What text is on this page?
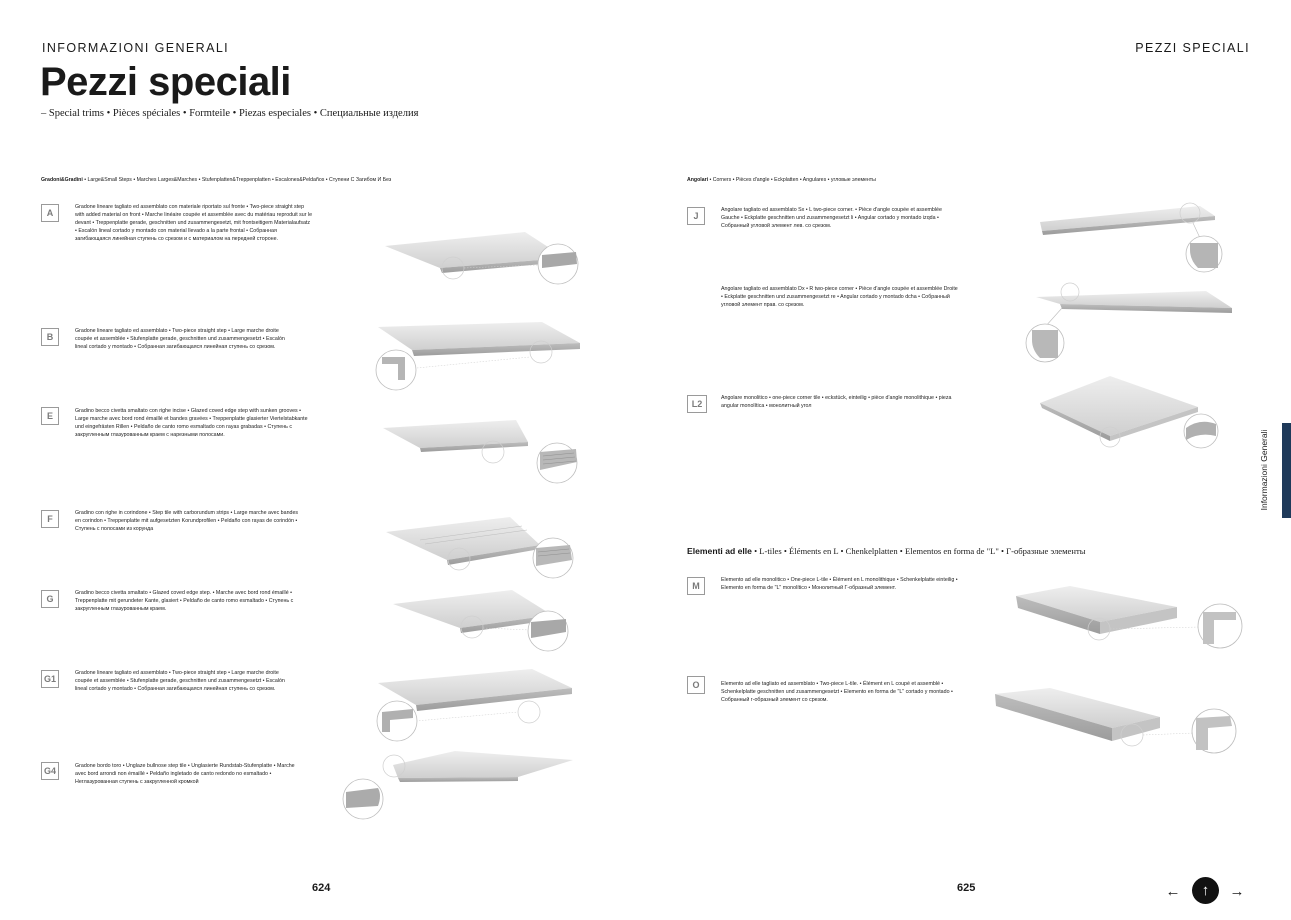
INFORMAZIONI GENERALI	PEZZI SPECIALI
Pezzi speciali
– Special trims • Pièces spéciales • Formteile • Piezas especiales • Специальные изделия
Gradoni&Gradini • Large&Small Steps • Marches Larges&Marches • Stufenplatten&Treppenplatten • Escalones&Peldaños • Ступени С Загибом И Без
A
Gradone lineare tagliato ed assemblato con materiale riportato sul fronte • Two-piece straight step with added material on front • Marche linéaire coupée et assemblée avec du matériau reproduit sur le devant • Treppenplatte gerade, geschnitten und zusammengesetzt, mit frontseitigem Materialaufsatz • Escalón lineal cortado y montado con material llevado a la parte frontal • Собранная загибающаяся линейная ступень со срезом и с материалом на передней стороне.
B
Gradone lineare tagliato ed assemblato • Two-piece straight step • Large marche droite coupée et assemblée • Stufenplatte gerade, geschnitten und zusammengesetzt • Escalón lineal cortado y montado • Собранная загибающаяся линейная ступень со срезом.
E	Gradino becco civetta smaltato con righe incise • Glazed coved edge step with sunken grooves • Large marche avec bord rond émaillé et bandes gravées • Treppenplatte glasierter Viertelstabkante und eingefrästen Rillen • Peldaño de canto romo esmaltado con rayas grabadas • Ступень с закругленным глазурованным краем с нарезными полосами.
F
Gradino con righe in corindone • Step tile with carborundum strips • Large marche avec bandes en corindon • Treppenplatte mit aufgesetzten Korundprofilen • Peldaño con rayas de corindón • Ступень с полосами из корунда
G
Gradino becco civetta smaltato • Glazed coved edge step. • Marche avec bord rond émaillé • Treppenplatte mit gerundeter Kante, glasiert • Peldaño de canto romo esmaltado • Ступень с закругленным глазурованным краем.
G1
Gradone lineare tagliato ed assemblato • Two-piece straight step • Large marche droite coupée et assemblée • Stufenplatte gerade, geschnitten und zusammengesetzt • Escalón lineal cortado y montado • Собранная загибающаяся линейная ступень со срезом.
G4	Gradone bordo toro • Unglaze bullnose step tile • Unglasierte Rundstab-Stufenplatte • Marche avec bord arrondi non émaillé • Peldaño ingletado de canto redondo no esmaltado • Неглазурованная ступень с закругленной кромкой
Angolari • Corners • Pièces d'angle • Eckplatten • Angulares • угловые элементы
J
Angolare tagliato ed assemblato Sx • L two-piece corner. • Pièce d'angle coupée et assemblée Gauche • Eckplatte geschnitten und zusammengesetzt li • Angular cortado y montado izqda • Собранный угловой элемент лев. со срезом.
Angolare tagliato ed assemblato Dx • R two-piece corner • Pièce d'angle coupée et assemblée Droite • Eckplatte geschnitten und zusammengesetzt re • Angular cortado y montado dcha • Собранный угловой элемент прав. со срезом.
L2
Angolare monolitico • one-piece corner tile • eckstück, einteilig • pièce d'angle monolithique • pieza angular monolítica • монолитный угол
Elementi ad elle • L-tiles • Éléments en L • Chenkelplatten • Elementos en forma de "L" • Г-образные элементы
M
Elemento ad elle monolitico • One-piece L-tile • Élément en L monolithique • Schenkelplatte einteilig • Elemento en forma de "L" monolítico • Монолитный Г-образный элемент.
O	Elemento ad elle tagliato ed assemblato • Two-piece L-tile. • Élément en L coupé et assemblé • Schenkelplatte geschnitten und zusammengesetzt • Elemento en forma de "L" cortado y montado • Собранный г-образный элемент со срезом.
Informazioni Generali
624	625	← ↑ →
